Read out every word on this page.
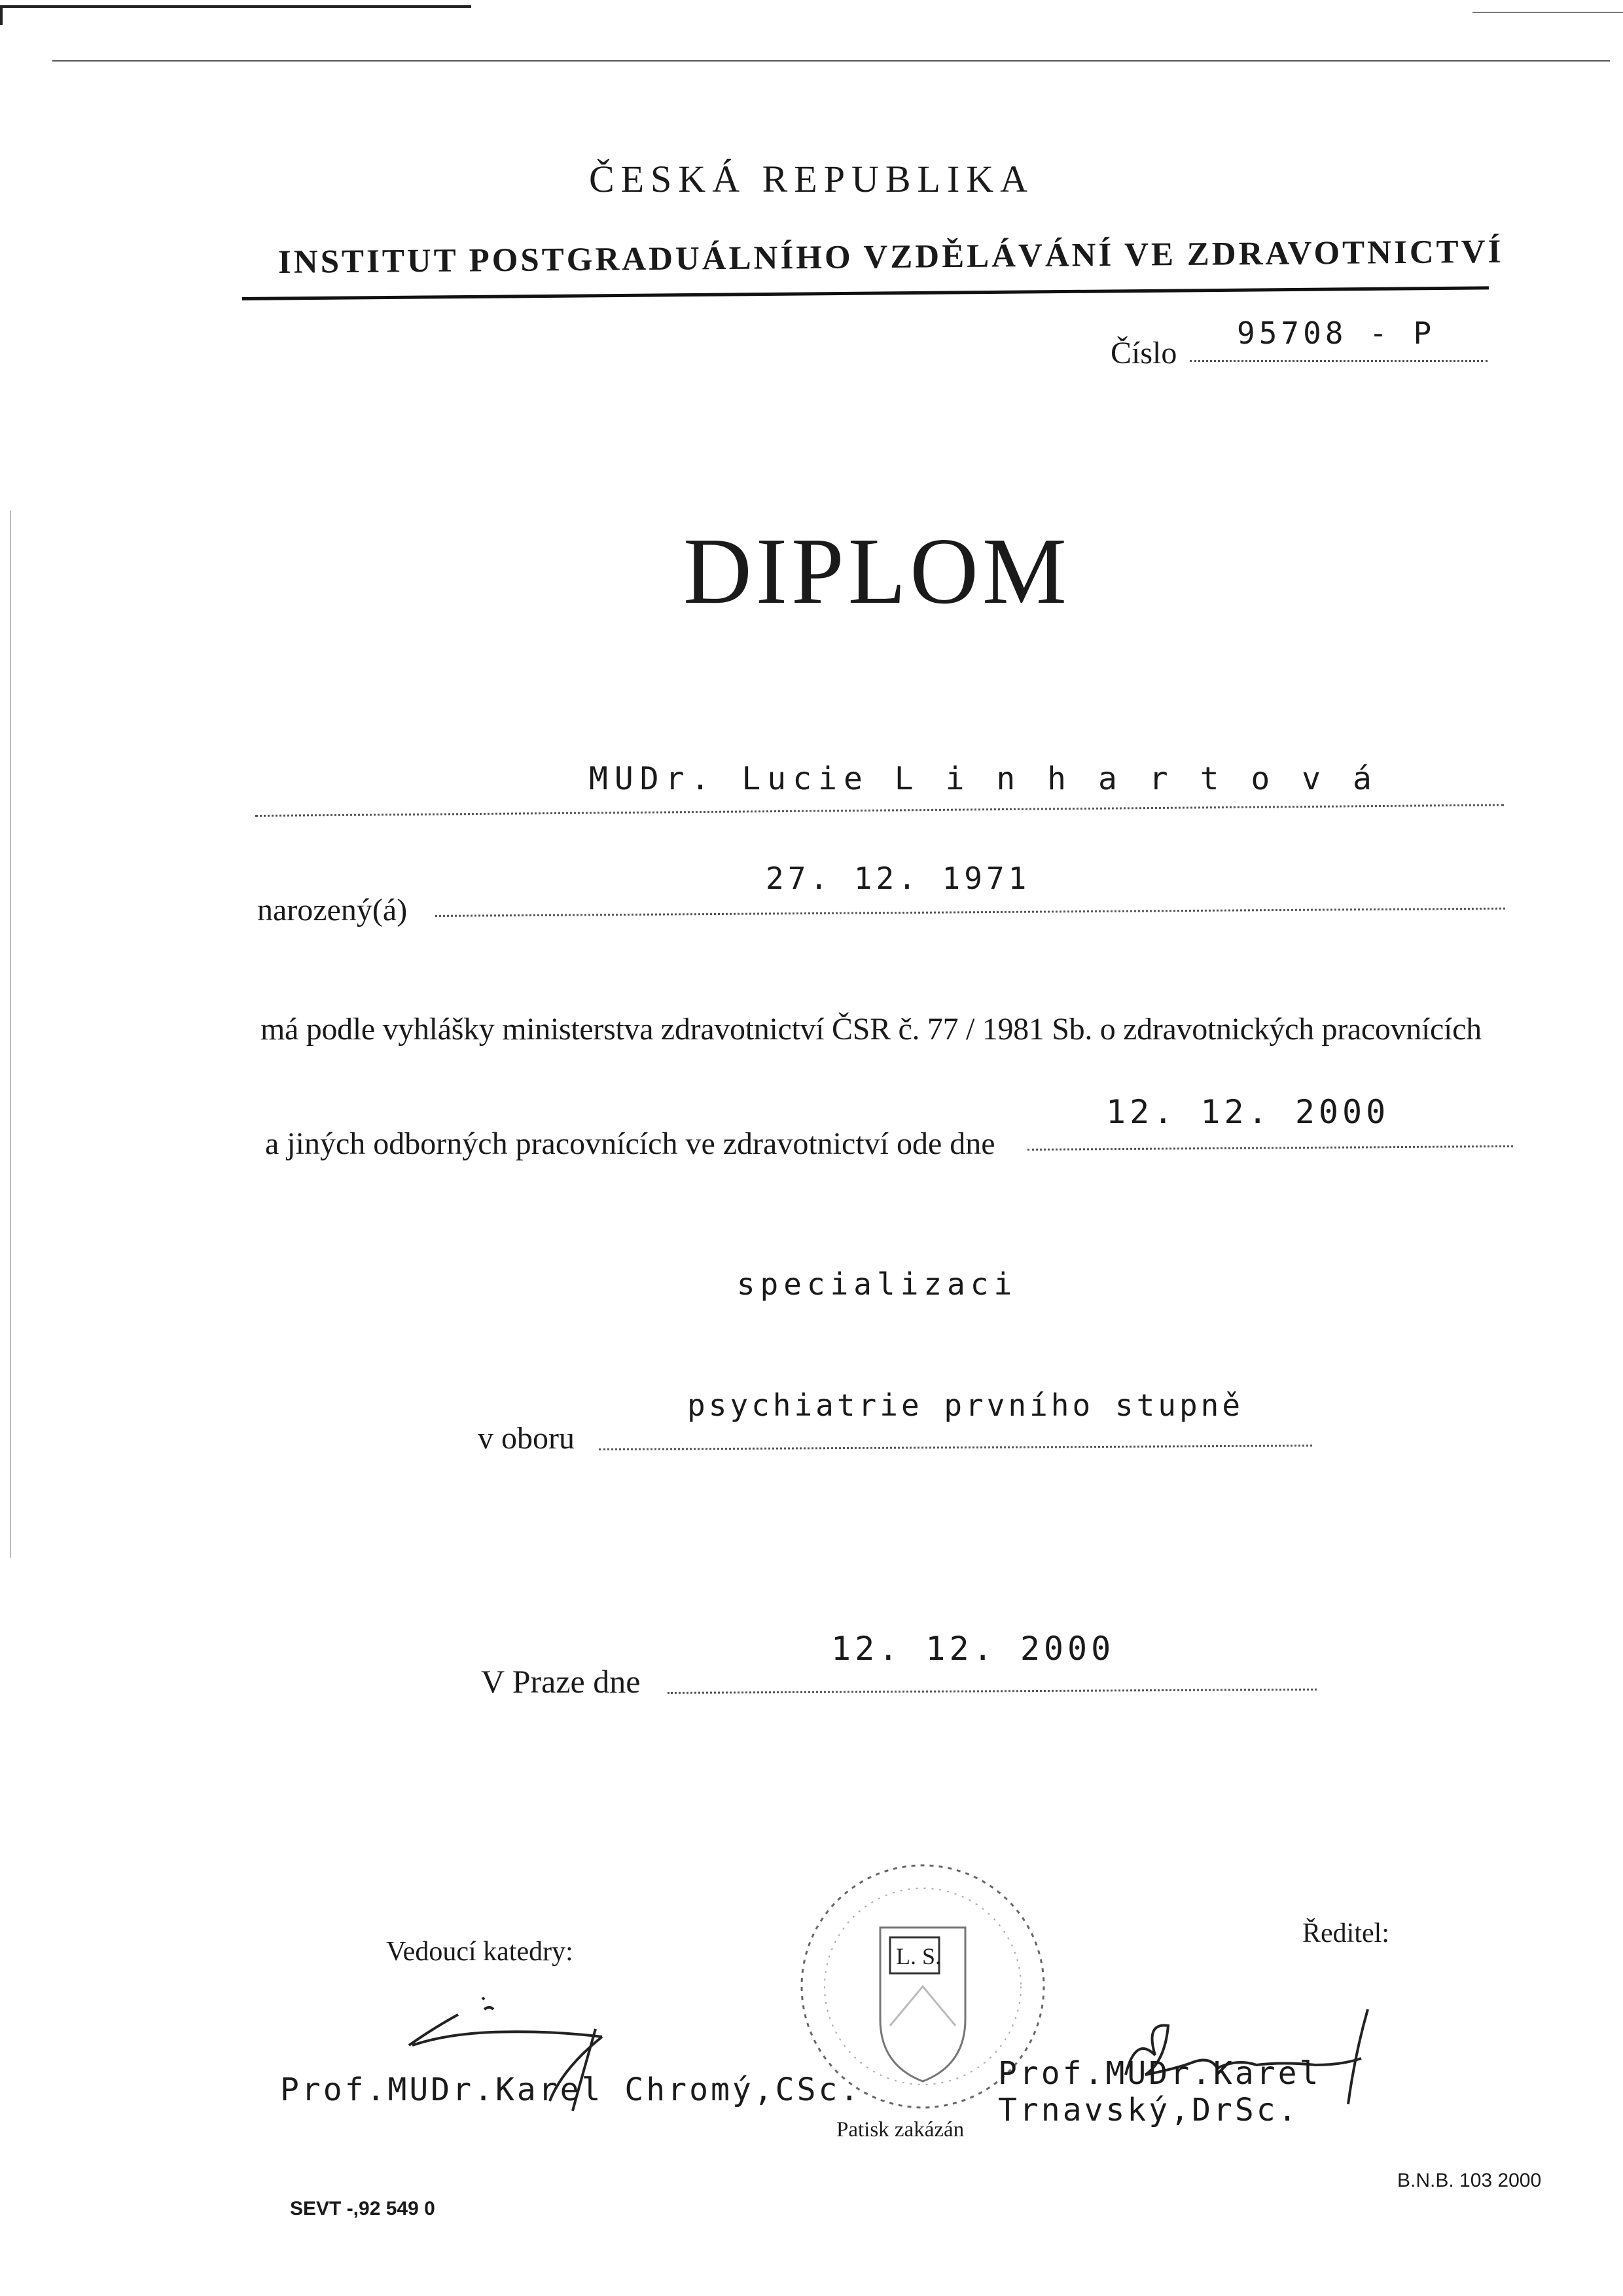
ČESKÁ REPUBLIKA
INSTITUT POSTGRADUÁLNÍHO VZDĚLÁVÁNÍ VE ZDRAVOTNICTVÍ
Číslo
95708 - P
DIPLOM
MUDr. Lucie L i n h a r t o v á
narozený(á)
27. 12. 1971
má podle vyhlášky ministerstva zdravotnictví ČSR č. 77 / 1981 Sb. o zdravotnických pracovnících
a jiných odborných pracovnících ve zdravotnictví ode dne
12. 12. 2000
specializaci
v oboru
psychiatrie prvního stupně
V Praze dne
12. 12. 2000
Vedoucí katedry:
Ředitel:
L. S.
Patisk zakázán
Prof.MUDr.Karel Chromý,CSc.	Prof.MUDr.Karel Trnavský,DrSc.
SEVT -,92 549 0
B.N.B. 103 2000
